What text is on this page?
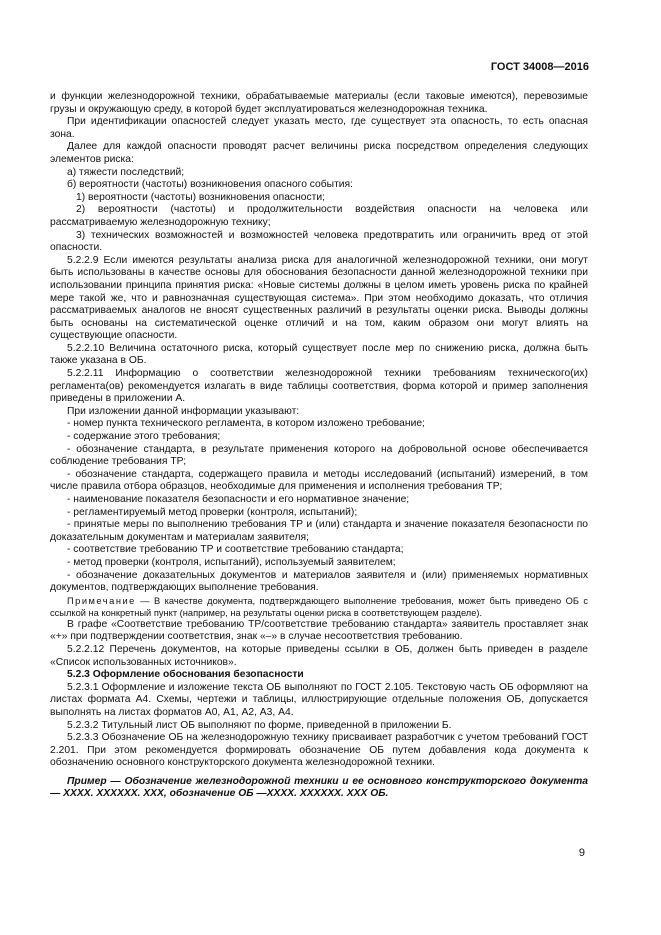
ГОСТ 34008—2016

и функции железнодорожной техники, обрабатываемые материалы (если таковые имеются), перевозимые грузы и окружающую среду, в которой будет эксплуатироваться железнодорожная техника.

При идентификации опасностей следует указать место, где существует эта опасность, то есть опасная зона.

Далее для каждой опасности проводят расчет величины риска посредством определения следующих элементов риска:

а) тяжести последствий;

б) вероятности (частоты) возникновения опасного события:

1) вероятности (частоты) возникновения опасности;

2) вероятности (частоты) и продолжительности воздействия опасности на человека или рассматриваемую железнодорожную технику;

3) технических возможностей и возможностей человека предотвратить или ограничить вред от этой опасности.

5.2.2.9 Если имеются результаты анализа риска для аналогичной железнодорожной техники, они могут быть использованы в качестве основы для обоснования безопасности данной железнодорожной техники при использовании принципа принятия риска: «Новые системы должны в целом иметь уровень риска по крайней мере такой же, что и равнозначная существующая система». При этом необходимо доказать, что отличия рассматриваемых аналогов не вносят существенных различий в результаты оценки риска. Выводы должны быть основаны на систематической оценке отличий и на том, каким образом они могут влиять на существующие опасности.

5.2.2.10 Величина остаточного риска, который существует после мер по снижению риска, должна быть также указана в ОБ.

5.2.2.11 Информацию о соответствии железнодорожной техники требованиям технического(их) регламента(ов) рекомендуется излагать в виде таблицы соответствия, форма которой и пример заполнения приведены в приложении А.

При изложении данной информации указывают:

- номер пункта технического регламента, в котором изложено требование;

- содержание этого требования;

- обозначение стандарта, в результате применения которого на добровольной основе обеспечивается соблюдение требования ТР;

- обозначение стандарта, содержащего правила и методы исследований (испытаний) измерений, в том числе правила отбора образцов, необходимые для применения и исполнения требования ТР;

- наименование показателя безопасности и его нормативное значение;

- регламентируемый метод проверки (контроля, испытаний);

- принятые меры по выполнению требования ТР и (или) стандарта и значение показателя безопасности по доказательным документам и материалам заявителя;

- соответствие требованию ТР и соответствие требованию стандарта;

- метод проверки (контроля, испытаний), используемый заявителем;

- обозначение доказательных документов и материалов заявителя и (или) применяемых нормативных документов, подтверждающих выполнение требования.

Примечание — В качестве документа, подтверждающего выполнение требования, может быть приведено ОБ с ссылкой на конкретный пункт (например, на результаты оценки риска в соответствующем разделе).

В графе «Соответствие требованию ТР/соответствие требованию стандарта» заявитель проставляет знак «+» при подтверждении соответствия, знак «–» в случае несоответствия требованию.

5.2.2.12 Перечень документов, на которые приведены ссылки в ОБ, должен быть приведен в разделе «Список использованных источников».

5.2.3 Оформление обоснования безопасности

5.2.3.1 Оформление и изложение текста ОБ выполняют по ГОСТ 2.105. Текстовую часть ОБ оформляют на листах формата А4. Схемы, чертежи и таблицы, иллюстрирующие отдельные положения ОБ, допускается выполнять на листах форматов А0, А1, А2, А3, А4.

5.2.3.2 Титульный лист ОБ выполняют по форме, приведенной в приложении Б.

5.2.3.3 Обозначение ОБ на железнодорожную технику присваивает разработчик с учетом требований ГОСТ 2.201. При этом рекомендуется формировать обозначение ОБ путем добавления кода документа к обозначению основного конструкторского документа железнодорожной техники.

Пример — Обозначение железнодорожной техники и ее основного конструкторского документа — ХХХХ. ХХХХХХ. ХХХ, обозначение ОБ —ХХХХ. ХХХХХХ. ХХХ ОБ.

9
